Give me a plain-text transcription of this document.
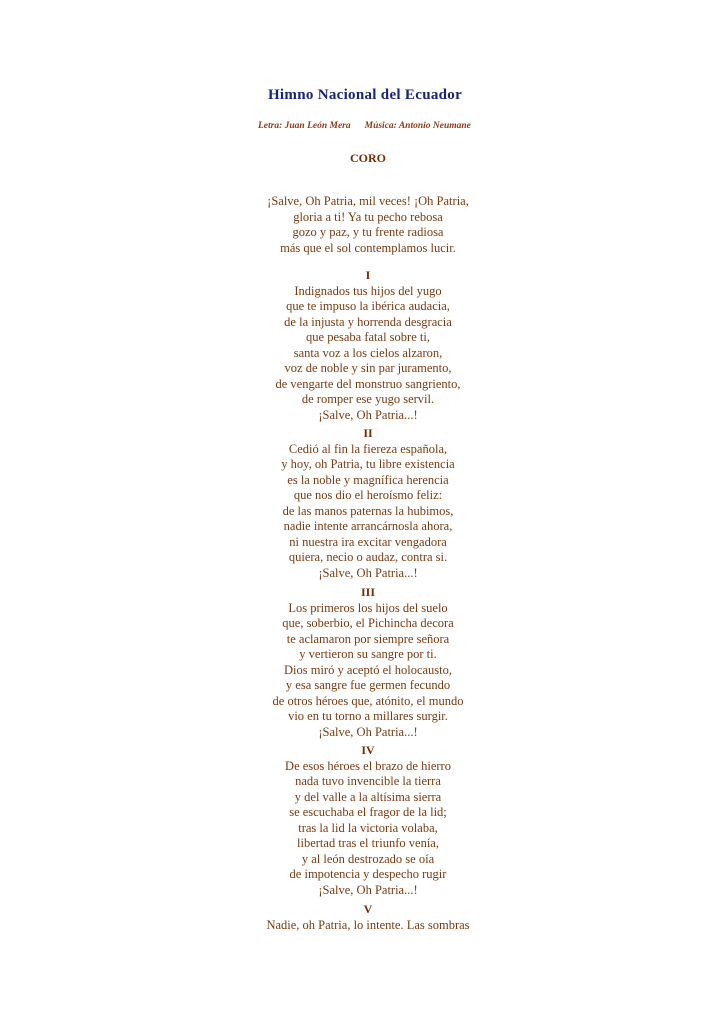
Himno Nacional del Ecuador
Letra: Juan León Mera Música: Antonio Neumane
CORO
¡Salve, Oh Patria, mil veces! ¡Oh Patria,
gloria a ti! Ya tu pecho rebosa
gozo y paz, y tu frente radiosa
más que el sol contemplamos lucir.
I
Indignados tus hijos del yugo
que te impuso la ibérica audacia,
de la injusta y horrenda desgracia
que pesaba fatal sobre ti,
santa voz a los cielos alzaron,
voz de noble y sin par juramento,
de vengarte del monstruo sangriento,
de romper ese yugo servil.
¡Salve, Oh Patria...!
II
Cedió al fin la fiereza española,
y hoy, oh Patria, tu libre existencia
es la noble y magnífica herencia
que nos dio el heroísmo feliz:
de las manos paternas la hubimos,
nadie intente arrancárnosla ahora,
ni nuestra ira excitar vengadora
quiera, necio o audaz, contra si.
¡Salve, Oh Patria...!
III
Los primeros los hijos del suelo
que, soberbio, el Pichincha decora
te aclamaron por siempre señora
y vertieron su sangre por ti.
Dios miró y aceptó el holocausto,
y esa sangre fue germen fecundo
de otros héroes que, atónito, el mundo
vio en tu torno a millares surgir.
¡Salve, Oh Patria...!
IV
De esos héroes el brazo de hierro
nada tuvo invencible la tierra
y del valle a la altísima sierra
se escuchaba el fragor de la lid;
tras la lid la victoria volaba,
libertad tras el triunfo venía,
y al león destrozado se oía
de impotencia y despecho rugir
¡Salve, Oh Patria...!
V
Nadie, oh Patria, lo intente. Las sombras
